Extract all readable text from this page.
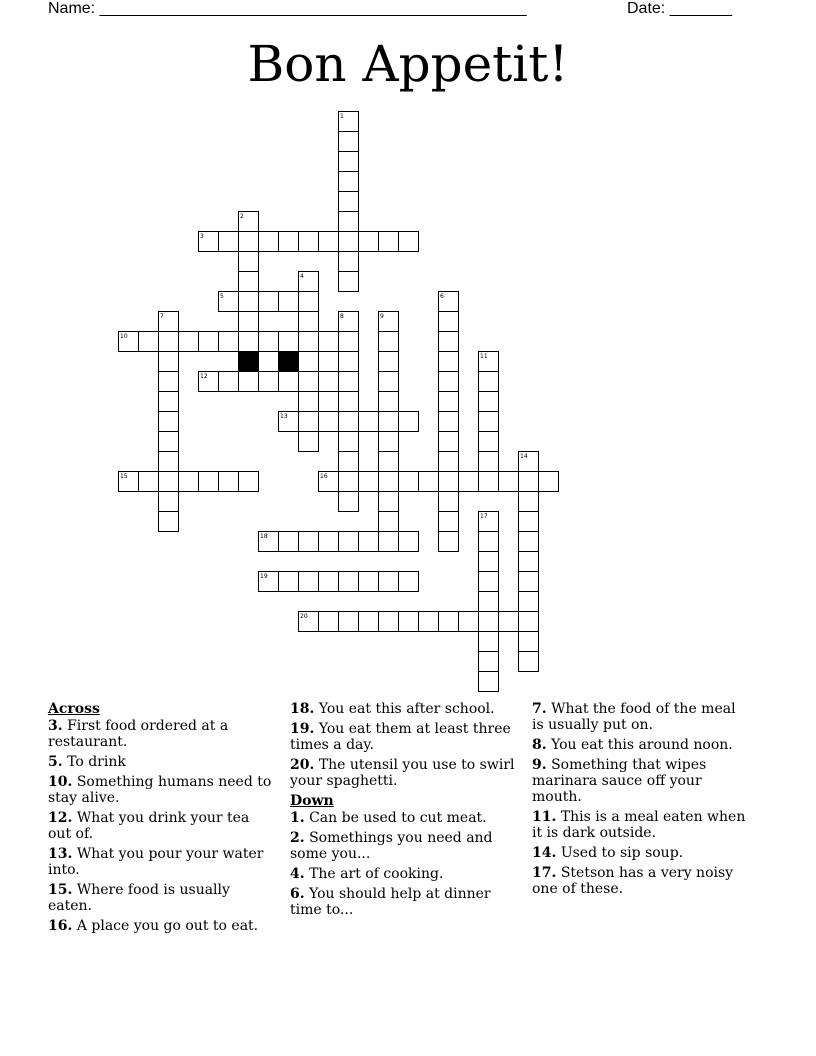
Name: ________________________________________________	Date: _______
Bon Appetit!
1
2
3
4
5	6
7	8	9
10
11
12
13
14
15	16
17
18
19
20
Across
3. First food ordered at a restaurant.
5. To drink
10. Something humans need to stay alive.
12. What you drink your tea out of.
13. What you pour your water into.
15. Where food is usually eaten.
16. A place you go out to eat.
18. You eat this after school.
19. You eat them at least three times a day.
20. The utensil you use to swirl your spaghetti.
Down
1. Can be used to cut meat.
2. Somethings you need and some you...
4. The art of cooking.
6. You should help at dinner time to...
7. What the food of the meal is usually put on.
8. You eat this around noon.
9. Something that wipes marinara sauce off your mouth.
11. This is a meal eaten when it is dark outside.
14. Used to sip soup.
17. Stetson has a very noisy one of these.
